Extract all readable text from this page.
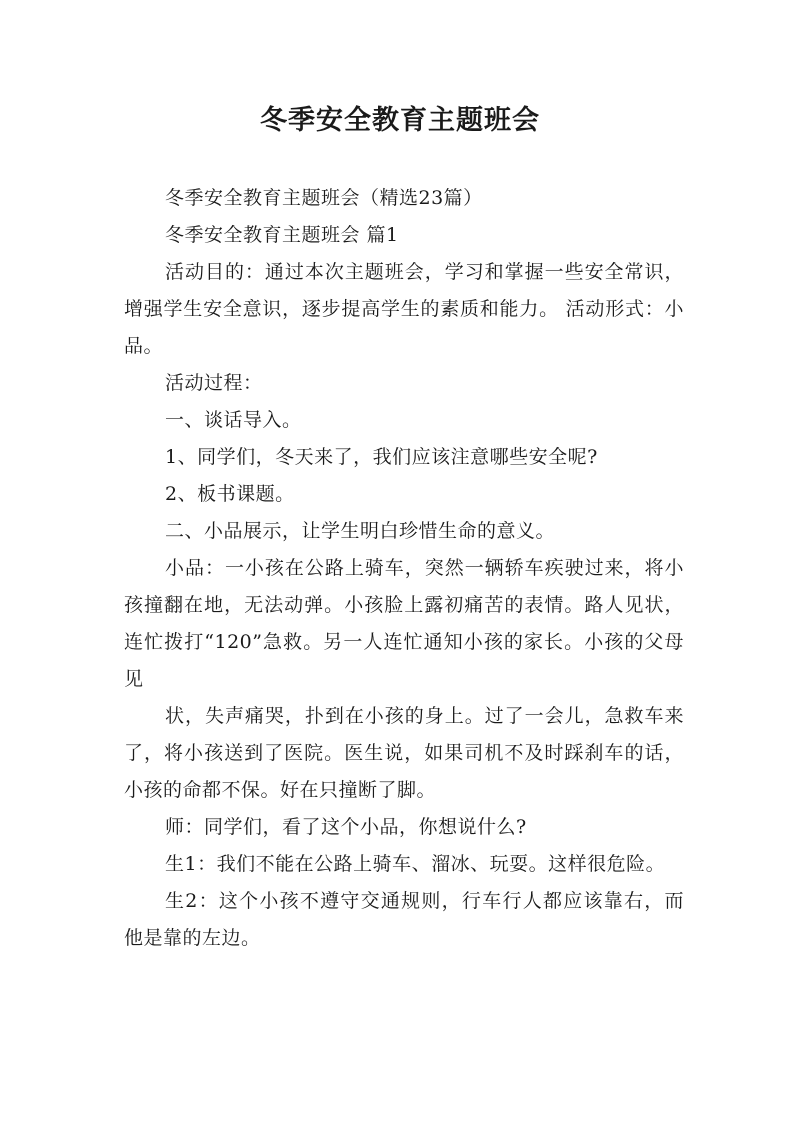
冬季安全教育主题班会

冬季安全教育主题班会（精选23篇）

冬季安全教育主题班会 篇1

活动目的：通过本次主题班会，学习和掌握一些安全常识，增强学生安全意识，逐步提高学生的素质和能力。 活动形式：小品。

活动过程：

一、谈话导入。

1、同学们，冬天来了，我们应该注意哪些安全呢?

2、板书课题。

二、小品展示，让学生明白珍惜生命的意义。

小品：一小孩在公路上骑车，突然一辆轿车疾驶过来，将小孩撞翻在地，无法动弹。小孩脸上露初痛苦的表情。路人见状，连忙拨打“120”急救。另一人连忙通知小孩的家长。小孩的父母见

状，失声痛哭，扑到在小孩的身上。过了一会儿，急救车来了，将小孩送到了医院。医生说，如果司机不及时踩刹车的话，小孩的命都不保。好在只撞断了脚。

师：同学们，看了这个小品，你想说什么?

生1：我们不能在公路上骑车、溜冰、玩耍。这样很危险。

生2：这个小孩不遵守交通规则，行车行人都应该靠右，而他是靠的左边。
